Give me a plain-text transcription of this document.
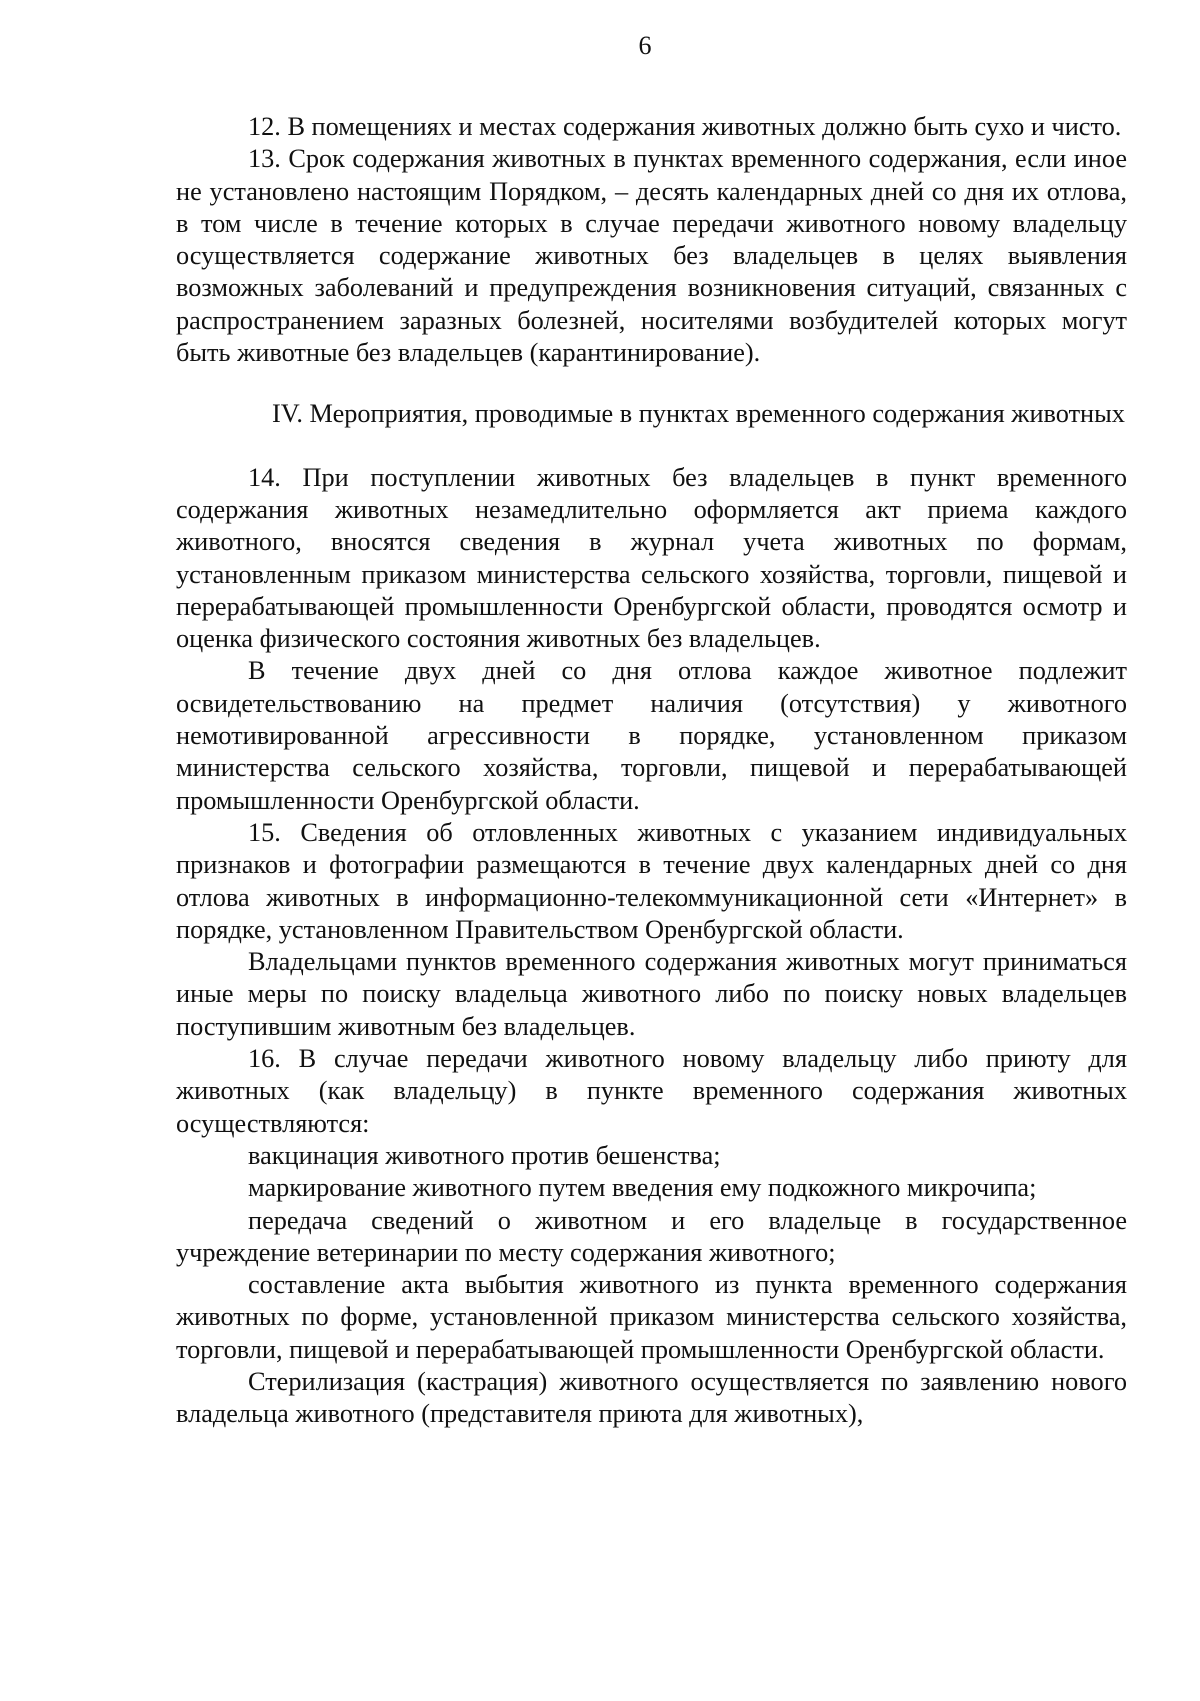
6

12. В помещениях и местах содержания животных должно быть сухо и чисто.

13. Срок содержания животных в пунктах временного содержания, если иное не установлено настоящим Порядком, – десять календарных дней со дня их отлова, в том числе в течение которых в случае передачи животного новому владельцу осуществляется содержание животных без владельцев в целях выявления возможных заболеваний и предупреждения возникновения ситуаций, связанных с распространением заразных болезней, носителями возбудителей которых могут быть животные без владельцев (карантинирование).

IV. Мероприятия, проводимые в пунктах временного содержания животных

14. При поступлении животных без владельцев в пункт временного содержания животных незамедлительно оформляется акт приема каждого животного, вносятся сведения в журнал учета животных по формам, установленным приказом министерства сельского хозяйства, торговли, пищевой и перерабатывающей промышленности Оренбургской области, проводятся осмотр и оценка физического состояния животных без владельцев.

В течение двух дней со дня отлова каждое животное подлежит освидетельствованию на предмет наличия (отсутствия) у животного немотивированной агрессивности в порядке, установленном приказом министерства сельского хозяйства, торговли, пищевой и перерабатывающей промышленности Оренбургской области.

15. Сведения об отловленных животных с указанием индивидуальных признаков и фотографии размещаются в течение двух календарных дней со дня отлова животных в информационно-телекоммуникационной сети «Интернет» в порядке, установленном Правительством Оренбургской области.

Владельцами пунктов временного содержания животных могут приниматься иные меры по поиску владельца животного либо по поиску новых владельцев поступившим животным без владельцев.

16. В случае передачи животного новому владельцу либо приюту для животных (как владельцу) в пункте временного содержания животных осуществляются:

вакцинация животного против бешенства;

маркирование животного путем введения ему подкожного микрочипа;

передача сведений о животном и его владельце в государственное учреждение ветеринарии по месту содержания животного;

составление акта выбытия животного из пункта временного содержания животных по форме, установленной приказом министерства сельского хозяйства, торговли, пищевой и перерабатывающей промышленности Оренбургской области.

Стерилизация (кастрация) животного осуществляется по заявлению нового владельца животного (представителя приюта для животных),
